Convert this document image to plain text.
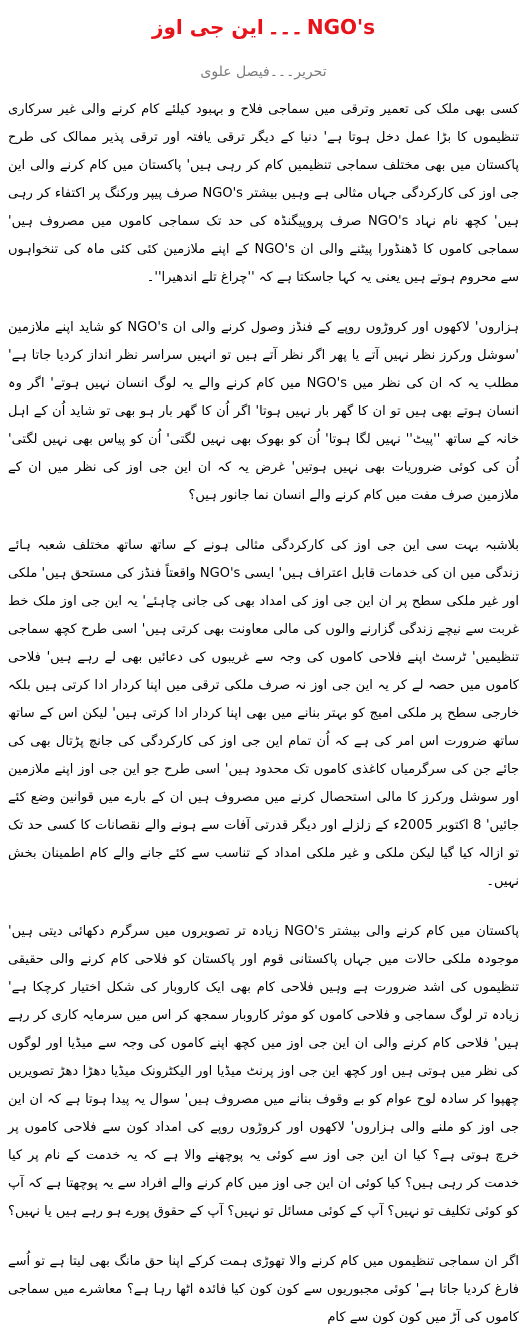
این جی اوز ۔۔۔ NGO's
تحریر۔۔۔فیصل علوی

کسی بھی ملک کی تعمیر وترقی میں سماجی فلاح و بہبود کیلئے کام کرنے والی غیر سرکاری تنظیموں کا بڑا عمل دخل ہوتا ہے' دنیا کے دیگر ترقی یافتہ اور ترقی پذیر ممالک کی طرح پاکستان میں بھی مختلف سماجی تنظیمیں کام کر رہی ہیں' پاکستان میں کام کرنے والی این جی اوز کی کارکردگی جہاں مثالی ہے وہیں بیشتر NGO's صرف پیپر ورکنگ پر اکتفاء کر رہی ہیں' کچھ نام نہاد NGO's صرف پروپیگنڈہ کی حد تک سماجی کاموں میں مصروف ہیں' سماجی کاموں کا ڈھنڈورا پیٹنے والی ان NGO's کے اپنے ملازمین کئی کئی ماہ کی تنخواہوں سے محروم ہوتے ہیں یعنی یہ کہا جاسکتا ہے کہ ''چراغ تلے اندھیرا''۔

ہزاروں' لاکھوں اور کروڑوں روپے کے فنڈز وصول کرنے والی ان NGO's کو شاید اپنے ملازمین 'سوشل ورکرز نظر نہیں آتے یا پھر اگر نظر آتے ہیں تو انہیں سراسر نظر انداز کردیا جاتا ہے' مطلب یہ کہ ان کی نظر میں NGO's میں کام کرنے والے یہ لوگ انسان نہیں ہوتے' اگر وہ انسان ہوتے بھی ہیں تو ان کا گھر بار نہیں ہوتا' اگر اُن کا گھر بار ہو بھی تو شاید اُن کے اہل خانہ کے ساتھ ''پیٹ'' نہیں لگا ہوتا' اُن کو بھوک بھی نہیں لگتی' اُن کو پیاس بھی نہیں لگتی' اُن کی کوئی ضروریات بھی نہیں ہوتیں' غرض یہ کہ ان این جی اوز کی نظر میں ان کے ملازمین صرف مفت میں کام کرنے والے انسان نما جانور ہیں؟

بلاشبہ بہت سی این جی اوز کی کارکردگی مثالی ہونے کے ساتھ ساتھ مختلف شعبہ ہائے زندگی میں ان کی خدمات قابل اعتراف ہیں' ایسی NGO's واقعتاً فنڈز کی مستحق ہیں' ملکی اور غیر ملکی سطح پر ان این جی اوز کی امداد بھی کی جانی چاہئے' یہ این جی اوز ملک خط غربت سے نیچے زندگی گزارنے والوں کی مالی معاونت بھی کرتی ہیں' اسی طرح کچھ سماجی تنظیمیں' ٹرسٹ اپنے فلاحی کاموں کی وجہ سے غریبوں کی دعائیں بھی لے رہے ہیں' فلاحی کاموں میں حصہ لے کر یہ این جی اوز نہ صرف ملکی ترقی میں اپنا کردار ادا کرتی ہیں بلکہ خارجی سطح پر ملکی امیج کو بہتر بنانے میں بھی اپنا کردار ادا کرتی ہیں' لیکن اس کے ساتھ ساتھ ضرورت اس امر کی ہے کہ اُن تمام این جی اوز کی کارکردگی کی جانچ پڑتال بھی کی جائے جن کی سرگرمیاں کاغذی کاموں تک محدود ہیں' اسی طرح جو این جی اوز اپنے ملازمین اور سوشل ورکرز کا مالی استحصال کرنے میں مصروف ہیں ان کے بارے میں قوانین وضع کئے جائیں' 8 اکتوبر 2005ء کے زلزلے اور دیگر قدرتی آفات سے ہونے والے نقصانات کا کسی حد تک تو ازالہ کیا گیا لیکن ملکی و غیر ملکی امداد کے تناسب سے کئے جانے والے کام اطمینان بخش نہیں۔

پاکستان میں کام کرنے والی بیشتر NGO's زیادہ تر تصویروں میں سرگرم دکھائی دیتی ہیں' موجودہ ملکی حالات میں جہاں پاکستانی قوم اور پاکستان کو فلاحی کام کرنے والی حقیقی تنظیموں کی اشد ضرورت ہے وہیں فلاحی کام بھی ایک کاروبار کی شکل اختیار کرچکا ہے' زیادہ تر لوگ سماجی و فلاحی کاموں کو موثر کاروبار سمجھ کر اس میں سرمایہ کاری کر رہے ہیں' فلاحی کام کرنے والی ان این جی اوز میں کچھ اپنے کاموں کی وجہ سے میڈیا اور لوگوں کی نظر میں ہوتی ہیں اور کچھ این جی اوز پرنٹ میڈیا اور الیکٹرونک میڈیا دھڑا دھڑ تصویریں چھپوا کر سادہ لوح عوام کو بے وقوف بنانے میں مصروف ہیں' سوال یہ پیدا ہوتا ہے کہ ان این جی اوز کو ملنے والی ہزاروں' لاکھوں اور کروڑوں روپے کی امداد کون سے فلاحی کاموں پر خرچ ہوتی ہے؟ کیا ان این جی اوز سے کوئی یہ پوچھنے والا ہے کہ یہ خدمت کے نام پر کیا خدمت کر رہی ہیں؟ کیا کوئی ان این جی اوز میں کام کرنے والے افراد سے یہ پوچھتا ہے کہ آپ کو کوئی تکلیف تو نہیں؟ آپ کے کوئی مسائل تو نہیں؟ آپ کے حقوق پورے ہو رہے ہیں یا نہیں؟

اگر ان سماجی تنظیموں میں کام کرنے والا تھوڑی ہمت کرکے اپنا حق مانگ بھی لیتا ہے تو اُسے فارغ کردیا جاتا ہے' کوئی مجبوریوں سے کون کون کیا فائدہ اٹھا رہا ہے؟ معاشرے میں سماجی کاموں کی آڑ میں کون کون سے کام
